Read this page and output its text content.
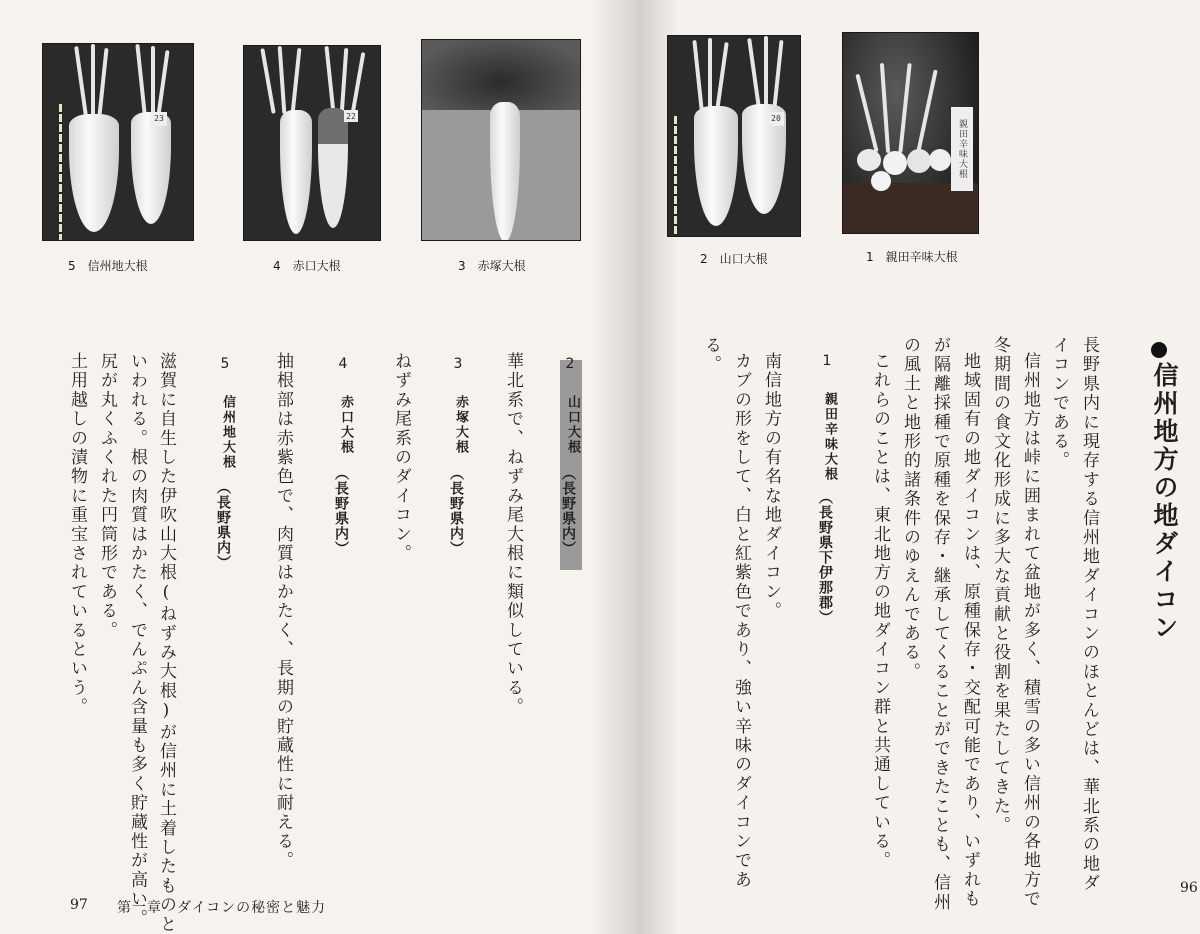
23	22	20
親田辛味大根
5　信州地大根	4　赤口大根	3　赤塚大根	2　山口大根	1　親田辛味大根
信州地方の地ダイコン
長野県内に現存する信州地ダイコンのほとんどは、華北系の地ダ
イコンである。
信州地方は峠に囲まれて盆地が多く、積雪の多い信州の各地方で
冬期間の食文化形成に多大な貢献と役割を果たしてきた。
地域固有の地ダイコンは、原種保存・交配可能であり、いずれも
が隔離採種で原種を保存・継承してくることができたことも、信州
の風土と地形的諸条件のゆえんである。
これらのことは、東北地方の地ダイコン群と共通している。
1
親田辛味大根
（長野県下伊那郡）
南信地方の有名な地ダイコン。
カブの形をして、白と紅紫色であり、強い辛味のダイコンであ
る。
96
2
山口大根
（長野県内）
華北系で、ねずみ尾大根に類似している。
3
赤塚大根
（長野県内）
ねずみ尾系のダイコン。
4
赤口大根
（長野県内）
抽根部は赤紫色で、肉質はかたく、長期の貯蔵性に耐える。
5
信州地大根
（長野県内）
滋賀に自生した伊吹山大根(ねずみ大根)が信州に土着したものと
いわれる。根の肉質はかたく、でんぷん含量も多く貯蔵性が高い。
尻が丸くふくれた円筒形である。
土用越しの漬物に重宝されているという。
97 第一章　ダイコンの秘密と魅力
